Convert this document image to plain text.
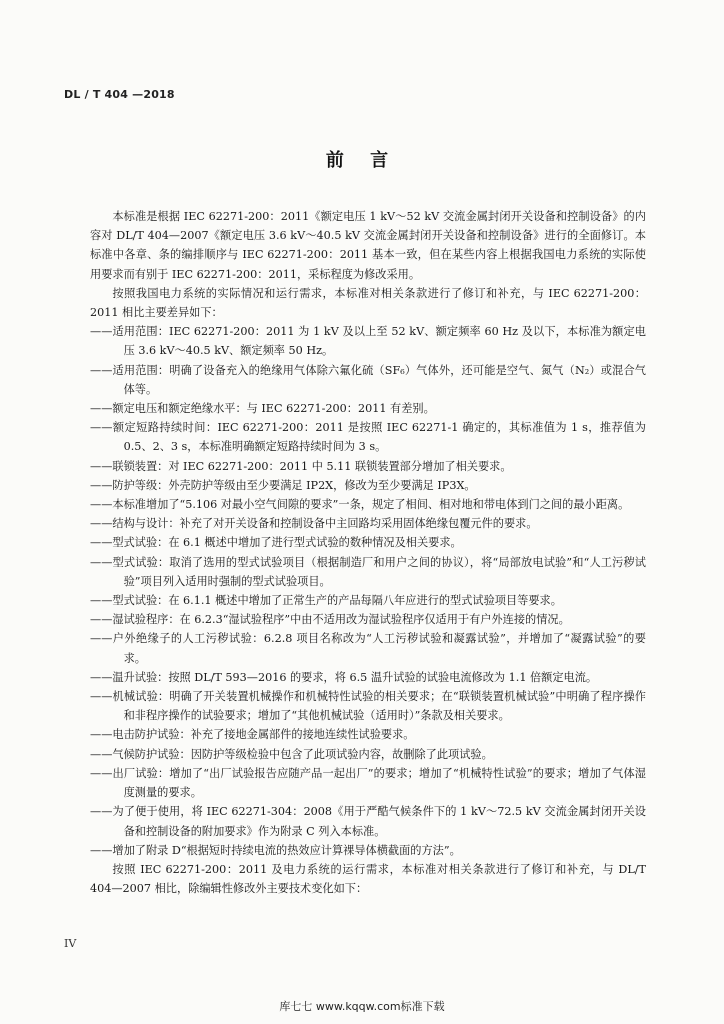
DL / T 404 —2018
前 言

本标准是根据 IEC 62271-200：2011《额定电压 1 kV～52 kV 交流金属封闭开关设备和控制设备》的内容对 DL/T 404—2007《额定电压 3.6 kV～40.5 kV 交流金属封闭开关设备和控制设备》进行的全面修订。本标准中各章、条的编排顺序与 IEC 62271-200：2011 基本一致，但在某些内容上根据我国电力系统的实际使用要求而有别于 IEC 62271-200：2011，采标程度为修改采用。

按照我国电力系统的实际情况和运行需求，本标准对相关条款进行了修订和补充，与 IEC 62271-200：2011 相比主要差异如下：

——适用范围：IEC 62271-200：2011 为 1 kV 及以上至 52 kV、额定频率 60 Hz 及以下，本标准为额定电压 3.6 kV～40.5 kV、额定频率 50 Hz。

——适用范围：明确了设备充入的绝缘用气体除六氟化硫（SF₆）气体外，还可能是空气、氮气（N₂）或混合气体等。

——额定电压和额定绝缘水平：与 IEC 62271-200：2011 有差别。

——额定短路持续时间：IEC 62271-200：2011 是按照 IEC 62271-1 确定的，其标准值为 1 s，推荐值为 0.5、2、3 s，本标准明确额定短路持续时间为 3 s。

——联锁装置：对 IEC 62271-200：2011 中 5.11 联锁装置部分增加了相关要求。

——防护等级：外壳防护等级由至少要满足 IP2X，修改为至少要满足 IP3X。

——本标准增加了“5.106 对最小空气间隙的要求”一条，规定了相间、相对地和带电体到门之间的最小距离。

——结构与设计：补充了对开关设备和控制设备中主回路均采用固体绝缘包覆元件的要求。

——型式试验：在 6.1 概述中增加了进行型式试验的数种情况及相关要求。

——型式试验：取消了选用的型式试验项目（根据制造厂和用户之间的协议），将“局部放电试验”和“人工污秽试验”项目列入适用时强制的型式试验项目。

——型式试验：在 6.1.1 概述中增加了正常生产的产品每隔八年应进行的型式试验项目等要求。

——湿试验程序：在 6.2.3“湿试验程序”中由不适用改为湿试验程序仅适用于有户外连接的情况。

——户外绝缘子的人工污秽试验：6.2.8 项目名称改为“人工污秽试验和凝露试验”，并增加了“凝露试验”的要求。

——温升试验：按照 DL/T 593—2016 的要求，将 6.5 温升试验的试验电流修改为 1.1 倍额定电流。

——机械试验：明确了开关装置机械操作和机械特性试验的相关要求；在“联锁装置机械试验”中明确了程序操作和非程序操作的试验要求；增加了“其他机械试验（适用时）”条款及相关要求。

——电击防护试验：补充了接地金属部件的接地连续性试验要求。

——气候防护试验：因防护等级检验中包含了此项试验内容，故删除了此项试验。

——出厂试验：增加了“出厂试验报告应随产品一起出厂”的要求；增加了“机械特性试验”的要求；增加了气体湿度测量的要求。

——为了便于使用，将 IEC 62271-304：2008《用于严酷气候条件下的 1 kV～72.5 kV 交流金属封闭开关设备和控制设备的附加要求》作为附录 C 列入本标准。

——增加了附录 D“根据短时持续电流的热效应计算裸导体横截面的方法”。

按照 IEC 62271-200：2011 及电力系统的运行需求，本标准对相关条款进行了修订和补充，与 DL/T 404—2007 相比，除编辑性修改外主要技术变化如下：

IV
库七七 www.kqqw.com标准下载
